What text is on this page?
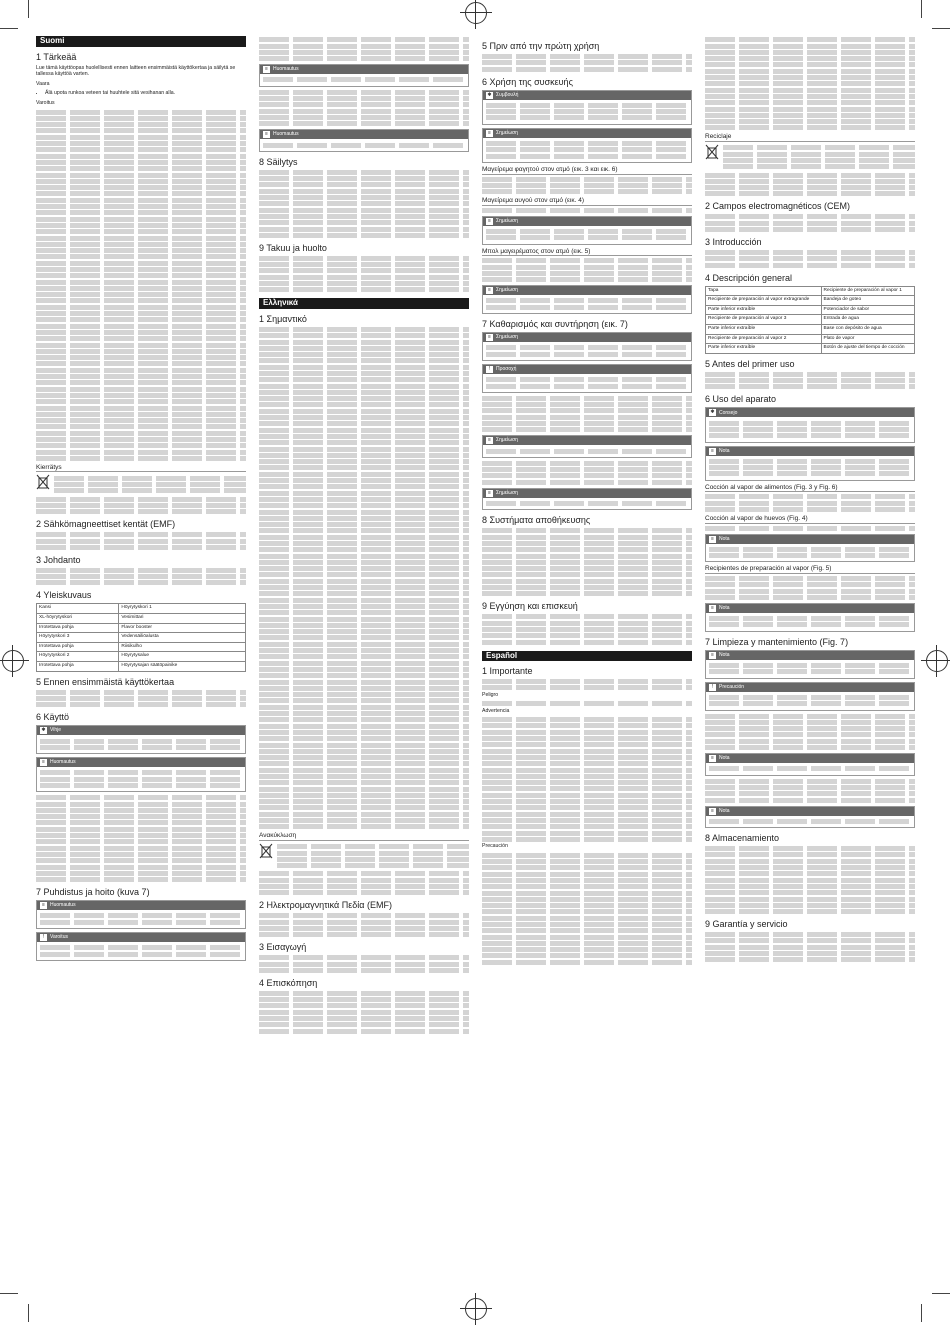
Suomi
1 Tärkeää

Lue tämä käyttöopas huolellisesti ennen laitteen ensimmäistä käyttökertaa ja säilytä se tallessa käyttöä varten.

Vaara

• Älä upota runkoa veteen tai huuhtele sitä vesihanan alla.

Varoitus

Kierrätys
2 Sähkömagneettiset kentät (EMF)
3 Johdanto
4 Yleiskuvaus
Kansi	Höyrytyskori 1
XL-höyrytyskori	Vesimittari
Irrotettava pohja	Flavor booster
Höyrytyskori 3	Vedensäiliöalusta
Irrotettava pohja	Riisikulho
Höyrytyskori 2	Höyrytysalue
Irrotettava pohja	Höyrytysajan säätöpainike
5 Ennen ensimmäistä käyttökertaa
6 Käyttö
✱ Vihje
≡	Huomautus
7 Puhdistus ja hoito (kuva 7)
≡	Huomautus
!	Varoitus
≡	Huomautus
≡	Huomautus
8 Säilytys
9 Takuu ja huolto
Ελληνικά
1 Σημαντικό
Ανακύκλωση
2 Ηλεκτρομαγνητικά Πεδία (EMF)
3 Εισαγωγή
4 Επισκόπηση
5 Πριν από την πρώτη χρήση
6 Χρήση της συσκευής
✱ Συμβουλή
≡	Σημείωση
Μαγείρεμα φαγητού στον ατμό (εικ. 3 και εικ. 6)
Μαγείρεμα αυγού στον ατμό (εικ. 4)
≡	Σημείωση
Μπολ μαγειρέματος στον ατμό (εικ. 5)
≡	Σημείωση
7 Καθαρισμός και συντήρηση (εικ. 7)
≡	Σημείωση
!	Προσοχή
≡	Σημείωση
≡	Σημείωση
8 Συστήματα αποθήκευσης
9 Εγγύηση και επισκευή
Español
1 Importante

Peligro

Advertencia

Precaución

Reciclaje
2 Campos electromagnéticos (CEM)
3 Introducción
4 Descripción general
Tapa	Recipiente de preparación al vapor 1
Recipiente de preparación al vapor extragrande	Bandeja de goteo
Parte inferior extraíble	Potenciador de sabor
Recipiente de preparación al vapor 3	Entrada de agua
Parte inferior extraíble	Base con depósito de agua
Recipiente de preparación al vapor 2	Plato de vapor
Parte inferior extraíble	Botón de ajuste del tiempo de cocción
5 Antes del primer uso
6 Uso del aparato
✱ Consejo
≡	Nota
Cocción al vapor de alimentos (Fig. 3 y Fig. 6)
Cocción al vapor de huevos (Fig. 4)
≡	Nota
Recipientes de preparación al vapor (Fig. 5)
≡	Nota
7 Limpieza y mantenimiento (Fig. 7)
≡	Nota
!	Precaución
≡	Nota
≡	Nota
8 Almacenamiento
9 Garantía y servicio
